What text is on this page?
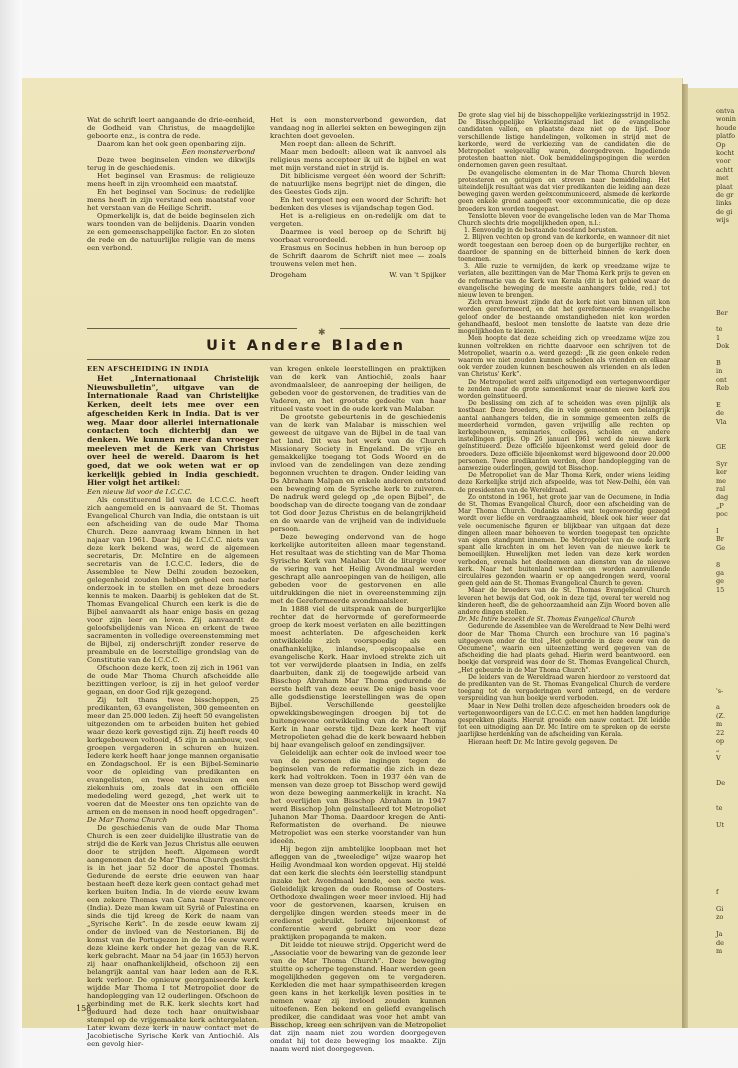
ontva
wonin
houde
platfo
Op
kocht
voor
achtt
met
plaat
de gr
links
de gi
wijs
Ber
te
1
Dok
B
in
ont
Reb
E
de
Vla
GE
Syr
ker
me
ral
dag
„P
poc
I
Br
Ge
8
ga
ge
15
's-
a
(Z.
m
22
op
„
V
De
te
Ut
f
Gi
zo
Ja
de
m

Wat de schrift leert aangaande de drie-eenheid, de Godheid van Christus, de maagdelijke geboorte enz., is contra de rede.

Daarom kan het ook geen openbaring zijn.

Een monsterverbond

Deze twee beginselen vinden we dikwijls terug in de geschiedenis.

Het beginsel van Erasmus: de religieuze mens heeft in zijn vroomheid een maatstaf.

En het beginsel van Socinus: de redelijke mens heeft in zijn verstand een maatstaf voor het verstaan van de Heilige Schrift.

Opmerkelijk is, dat de beide beginselen zich wars toonden van de belijdenis. Daarin vonden ze een gemeenschappelijke factor. En zo sloten de rede en de natuurlijke religie van de mens een verbond.

Het is een monsterverbond geworden, dat vandaag nog in allerlei sekten en bewegingen zijn krachten doet gevoelen.

Men roept dan: alleen de Schrift.

Maar men bedoelt: alleen wat ik aanvoel als religieus mens accepteer ik uit de bijbel en wat met mijn verstand niet in strijd is.

Dit biblicisme vergeet één woord der Schrift: de natuurlijke mens begrijpt niet de dingen, die des Geestes Gods zijn.

En het vergeet nog een woord der Schrift: het bedenken des vleses is vijandschap tegen God.

Het is a-religieus en on-redelijk om dat te vergeten.

Daarmee is veel beroep op de Schrift bij voorbaat veroordeeld.

Erasmus en Socinus hebben in hun beroep op de Schrift daarom de Schrift niet mee — zoals trouwens velen met hen.

Drogeham	W. van 't Spijker

✱
Uit Andere Bladen

EEN AFSCHEIDING IN INDIA

Het „Internationaal Christelijk Nieuwsbulletin”, uitgave van de Internationale Raad van Christelijke Kerken, deelt iets mee over een afgescheiden Kerk in India. Dat is ver weg. Maar door allerlei internationale contacten toch dichterbij dan we denken. We kunnen meer dan vroeger meeleven met de Kerk van Christus over heel de wereld. Daarom is het goed, dat we ook weten wat er op kerkelijk gebied in India geschiedt. Hier volgt het artikel:

Een nieuw lid voor de I.C.C.C.

Als constituerend lid van de I.C.C.C. heeft zich aangemeld en is aanvaard de St. Thomas Evangelical Church van India, die ontstaan is uit een afscheiding van de oude Mar Thoma Church. Deze aanvraag kwam binnen in het najaar van 1961. Daar bij de I.C.C.C. niets van deze kerk bekend was, werd de algemeen secretaris, Dr. McIntire en de algemeen secretaris van de I.C.C.C. Ieders, die de Assemblee te New Delhi zouden bezoeken, gelegenheid zouden hebben geheel een nader onderzoek in te stellen en met deze broeders kennis te maken. Daarbij is gebleken dat de St. Thomas Evangelical Church een kerk is die de Bijbel aanvaardt als haar enige basis en gezag voor zijn leer en leven. Zij aanvaardt de geloofsbelijdenis van Nicea en erkent de twee sacramenten in volledige overeenstemming met de Bijbel, zij onderschrijft zonder reserve de preambule en de leerstellige grondslag van de Constitutie van de I.C.C.C.

Ofschoon deze kerk, toen zij zich in 1961 van de oude Mar Thoma Church afscheidde alle bezittingen verloor, is zij in het geloof verder gegaan, en door God rijk gezegend.

Zij telt thans twee bisschoppen, 25 predikanten, 63 evangelisten, 300 gemeenten en meer dan 25.000 leden. Zij heeft 50 evangelisten uitgezonden om te arbeiden buiten het gebied waar deze kerk gevestigd zijn. Zij heeft reeds 40 kerkgebouwen voltooid, 45 zijn in aanbouw, veel groepen vergaderen in schuren en huizen. Iedere kerk heeft haar jonge mannen organisatie en Zondagschool. Er is een Bijbel-Seminarie voor de opleiding van predikanten en evangelisten, en twee weeshuizen en een ziekenhuis om, zoals dat in een officiële mededeling werd gezegd, „het werk uit te voeren dat de Meester ons ten opzichte van de armen en de mensen in nood heeft opgedragen”.

De Mar Thoma Church

De geschiedenis van de oude Mar Thoma Church is een zeer duidelijke illustratie van de strijd die de Kerk van Jezus Christus alle eeuwen door te strijden heeft. Algemeen wordt aangenomen dat de Mar Thoma Church gesticht is in het jaar 52 door de apostel Thomas. Gedurende de eerste drie eeuwen van haar bestaan heeft deze kerk geen contact gehad met kerken buiten India. In de vierde eeuw kwam een zekere Thomas van Cana naar Travancore (India). Deze man kwam uit Syrië of Palestina en sinds die tijd kreeg de Kerk de naam van „Syrische Kerk”. In de zesde eeuw kwam zij onder de invloed van de Nestorianen. Bij de komst van de Portugezen in de 16e eeuw werd deze kleine kerk onder het gezag van de R.K. kerk gebracht. Maar na 54 jaar (in 1653) hervon zij haar onafhankelijkheid, ofschoon zij een belangrijk aantal van haar leden aan de R.K. kerk verloor. De opnieuw georganiseerde kerk wijdde Mar Thoma I tot Metropoliet door de handoplegging van 12 ouderlingen. Ofschoon de verbinding met de R.K. kerk slechts kort had geduurd had deze toch haar onuitwisbaar stempel op de vrijgemaakte kerk achtergelaten. Later kwam deze kerk in nauw contact met de Jacobietische Syrische Kerk van Antiochië. Als een gevolg hier-

van kregen enkele leerstellingen en praktijken van de kerk van Antiochië, zoals haar avondmaalsleer, de aanroeping der heiligen, de gebeden voor de gestorvenen, de tradities van de Vaderen, en het grootste gedeelte van haar ritueel vaste voet in de oude kerk van Malabar.

De grootste gebeurtenis in de geschiedenis van de kerk van Malabar is misschien wel geweest de uitgave van de Bijbel in de taal van het land. Dit was het werk van de Church Missionary Society in Engeland. De vrije en gemakkelijke toegang tot Gods Woord en de invloed van de zendelingen van deze zending begonnen vruchten te dragen. Onder leiding van Ds Abraham Malpan en enkele anderen ontstond een beweging om de Syrische kerk te zuiveren. De nadruk werd gelegd op „de open Bijbel”, de boodschap van de directe toegang van de zondaar tot God door Jezus Christus en de belangrijkheid en de waarde van de vrijheid van de individuele persoon.

Deze beweging ondervond van de hoge kerkelijke autoriteiten alleen maar tegenstand. Het resultaat was de stichting van de Mar Thoma Syrische Kerk van Malabar. Uit de liturgie voor de viering van het Heilig Avondmaal werden geschrapt alle aanroepingen van de heiligen, alle gebeden voor de gestorvenen en alle uitdrukkingen die niet in overeenstemming zijn met de Gereformeerde avondmaalsleer.

In 1888 viel de uitspraak van de burgerlijke rechter dat de hervormde of gereformeerde groep de kerk moest verlaten en alle bezittingen moest achterlaten. De afgescheiden kerk ontwikkelde zich voorspoedig als een onafhankelijke, inlandse, episcopaalse en evangelische Kerk. Haar invloed strekte zich uit tot ver verwijderde plaatsen in India, en zelfs daarbuiten, dank zij de toegewijde arbeid van Bisschop Abraham Mar Thoma gedurende de eerste helft van deze eeuw. De enige basis voor alle godsdienstige leerstellingen was de open Bijbel. Verschillende geestelijke opwekkingsbewegingen droegen bij tot de buitengewone ontwikkeling van de Mar Thoma Kerk in haar eerste tijd. Deze kerk heeft vijf Metropolieten gehad die de kerk bewaard hebben bij haar evangelisch geloof en zendingsijver.

Geleidelijk aan echter ook de invloed weer toe van de personen die ingingen tegen de beginselen van de reformatie die zich in deze kerk had voltrokken. Toen in 1937 één van de mensen van deze groep tot Bisschop werd gewijd won deze beweging aanmerkelijk in kracht. Na het overlijden van Bisschop Abraham in 1947 werd Bisschop John geïnstalleerd tot Metropoliet Juhanon Mar Thoma. Daardoor kregen de Anti-Reformatisten de overhand. De nieuwe Metropoliet was een sterke voorstander van hun ideeën.

Hij begon zijn ambtelijke loopbaan met het afleggen van de „tweeledige” wijze waarop het Heilig Avondmaal kon worden opgevat. Hij steldé dat een kerk die slechts één leerstellig standpunt inzake het Avondmaal kende, een secte was. Geleidelijk kregen de oude Roomse of Oosters-Orthodoxe dwalingen weer meer invloed. Hij had voor de gestorvenen, kaarsen, kruisen en dergelijke dingen werden steeds meer in de eredienst gebruikt. Iedere bijeenkomst of conferentie werd gebruikt om voor deze praktijken propaganda te maken.

Dit leidde tot nieuwe strijd. Opgericht werd de „Associatie voor de bewaring van de gezonde leer van de Mar Thoma Church”. Deze beweging stuitte op scherpe tegenstand. Haar werden geen mogelijkheden gegeven om te vergaderen. Kerkleden die met haar sympathiseerden kregen geen kans in het kerkelijk leven posities in te nemen waar zij invloed zouden kunnen uitoefenen. Een bekend en geliefd evangelisch prediker, die candidaat was voor het ambt van Bisschop, kreeg een schrijven van de Metropoliet dat zijn naam niet zou worden doorgegeven omdat hij tot deze beweging los maakte. Zijn naam werd niet doorgegeven.

De grote slag viel bij de bisschoppelijke verkiezingsstrijd in 1952. De Bisschoppelijke Verkiezingsraad liet de evangelische candidaten vallen, en plaatste deze niet op de lijst. Door verschillende listige handelingen, volkomen in strijd met de kerkorde, werd de verkiezing van de candidaten die de Metropoliet welgevallig waren, doorgedreven. Ingediende protesten baatten niet. Ook bemiddelingspogingen die werden ondernomen gaven geen resultaat.

De evangelische elementen in de Mar Thoma Church bleven protesteren en getuigen en streven naar bemiddeling. Het uiteindelijk resultaat was dat vier predikanten die leiding aan deze beweging gaven werden geëxcommuniceerd, alsmede de kerkorde geen enkele grond aangeeft voor excommunicatie, die op deze broeders kon worden toegepast.

Tenslotte bleven voor de evangelische leden van de Mar Thoma Church slechts drie mogelijkheden open, n.l.:

1. Eenvoudig in de bestaande toestand berusten.

2. Blijven vechten op grond van de kerkorde, en wanneer dit niet wordt toegestaan een beroep doen op de burgerlijke rechter, en daardoor de spanning en de bitterheid binnen de kerk doen toenemen.

3. Alle ruzie te vermijden, de kerk op vreedzame wijze te verlaten, alle bezittingen van de Mar Thoma Kerk prijs te geven en de reformatie van de Kerk van Kerala (dit is het gebied waar de evangelische beweging de meeste aanhangers telde, red.) tot nieuw leven te brengen.

Zich ervan bewust zijnde dat de kerk niet van binnen uit kon worden gereformeerd, en dat het gereformeerde evangelische geloof onder de bestaande omstandigheden niet kon worden gehandhaafd, besloot men tenslotte de laatste van deze drie mogelijkheden te kiezen.

Men hoopte dat deze scheiding zich op vreedzame wijze zou kunnen voltrekken en richtte daarvoor een schrijven tot de Metropoliet, waarin o.a. werd gezegd: „Ik zie geen enkele reden waarom we niet zouden kunnen scheiden als vrienden en elkaar ook verder zouden kunnen beschouwen als vrienden en als leden van Christus' Kerk”.

De Metropoliet werd zelfs uitgenodigd een vertegenwoordiger te zenden naar de grote samenkomst waar de nieuwe kerk zou worden geïnstitueerd.

De beslissing om zich af te scheiden was even pijnlijk als kostbaar. Deze broeders, die in vele gemeenten een belangrijk aantal aanhangers telden, die in sommige gemeenten zelfs de meerderheid vormden, gaven vrijwillig alle rechten op kerkgebouwen, seminaries, colleges, scholen en andere instellingen prijs. Op 26 januari 1961 werd de nieuwe kerk geïnstitueerd. Deze officiële bijeenkomst werd geleid door de broeders. Deze officiële bijeenkomst werd bijgewoond door 20.000 personen. Twee predikanten werden, door handoplegging van de aanwezige ouderlingen, gewijd tot Bisschop.

De Metropoliet van de Mar Thoma Kerk, onder wiens leiding deze Kerkelijke strijd zich afspeelde, was tot New-Delhi, één van de presidenten van de Wereldraad.

Zo ontstond in 1961, het grote jaar van de Oecumene, in India de St. Thomas Evangelical Church, door een afscheiding van de Mar Thoma Church. Ondanks alles wat tegenwoordig gezegd wordt over liefde en verdraagzaamheid, bleek ook hier weer dat vele oecumenische figuren er blijkbaar van uitgaan dat deze dingen alleen maar behoeven te worden toegepast ten opzichte van eigen standpunt innemen. De Metropoliet van de oude kerk spant alle krachten in om het leven van de nieuwe kerk te bemoeilijken. Huwelijken met leden van deze kerk worden verboden, evenals het deelnemen aan diensten van de nieuwe kerk. Naar het buitenland werden en worden aanvullende circulaires gezonden waarin er op aangedrongen werd, vooral geen geld aan de St. Thomas Evangelical Church te geven.

Maar de broeders van de St. Thomas Evangelical Church leveren het bewijs dat God, ook in deze tijd, overal ter wereld nog kinderen heeft, die de gehoorzaamheid aan Zijn Woord boven alle andere dingen stellen.

Dr. Mc Intire bezoekt de St. Thomas Evangelical Church

Gedurende de Assemblee van de Wereldraad te New Delhi werd door de Mar Thoma Church een brochure van 16 pagina's uitgegeven onder de titel „Het gebeurde in deze eeuw van de Oecumene”, waarin een uiteenzetting werd gegeven van de afscheiding die had plaats gehad. Hierin werd beantwoord. een boekje dat verspreid was door de St. Thomas Evangelical Church, „Het gebeurde in de Mar Thoma Church”.

De leiders van de Wereldraad waren hierdoor zo verstoord dat de predikanten van de St. Thomas Evangelical Church de verdere toegang tot de vergaderingen werd ontzegd, en de verdere verspreiding van hun boekje werd verboden.

Maar in New Delhi trollen deze afgescheiden broeders ook de vertegenwoordigers van de I.C.C.C. en met hen hadden langdurige gesprekken plaats. Hieruit groeide een nauw contact. Dit leidde tot een uitnodiging aan Dr. Mc Intire om te spreken op de eerste jaarlijkse herdenking van de afscheiding van Kerala.

Hieraan heeft Dr. Mc Intire gevolg gegeven. De

158
